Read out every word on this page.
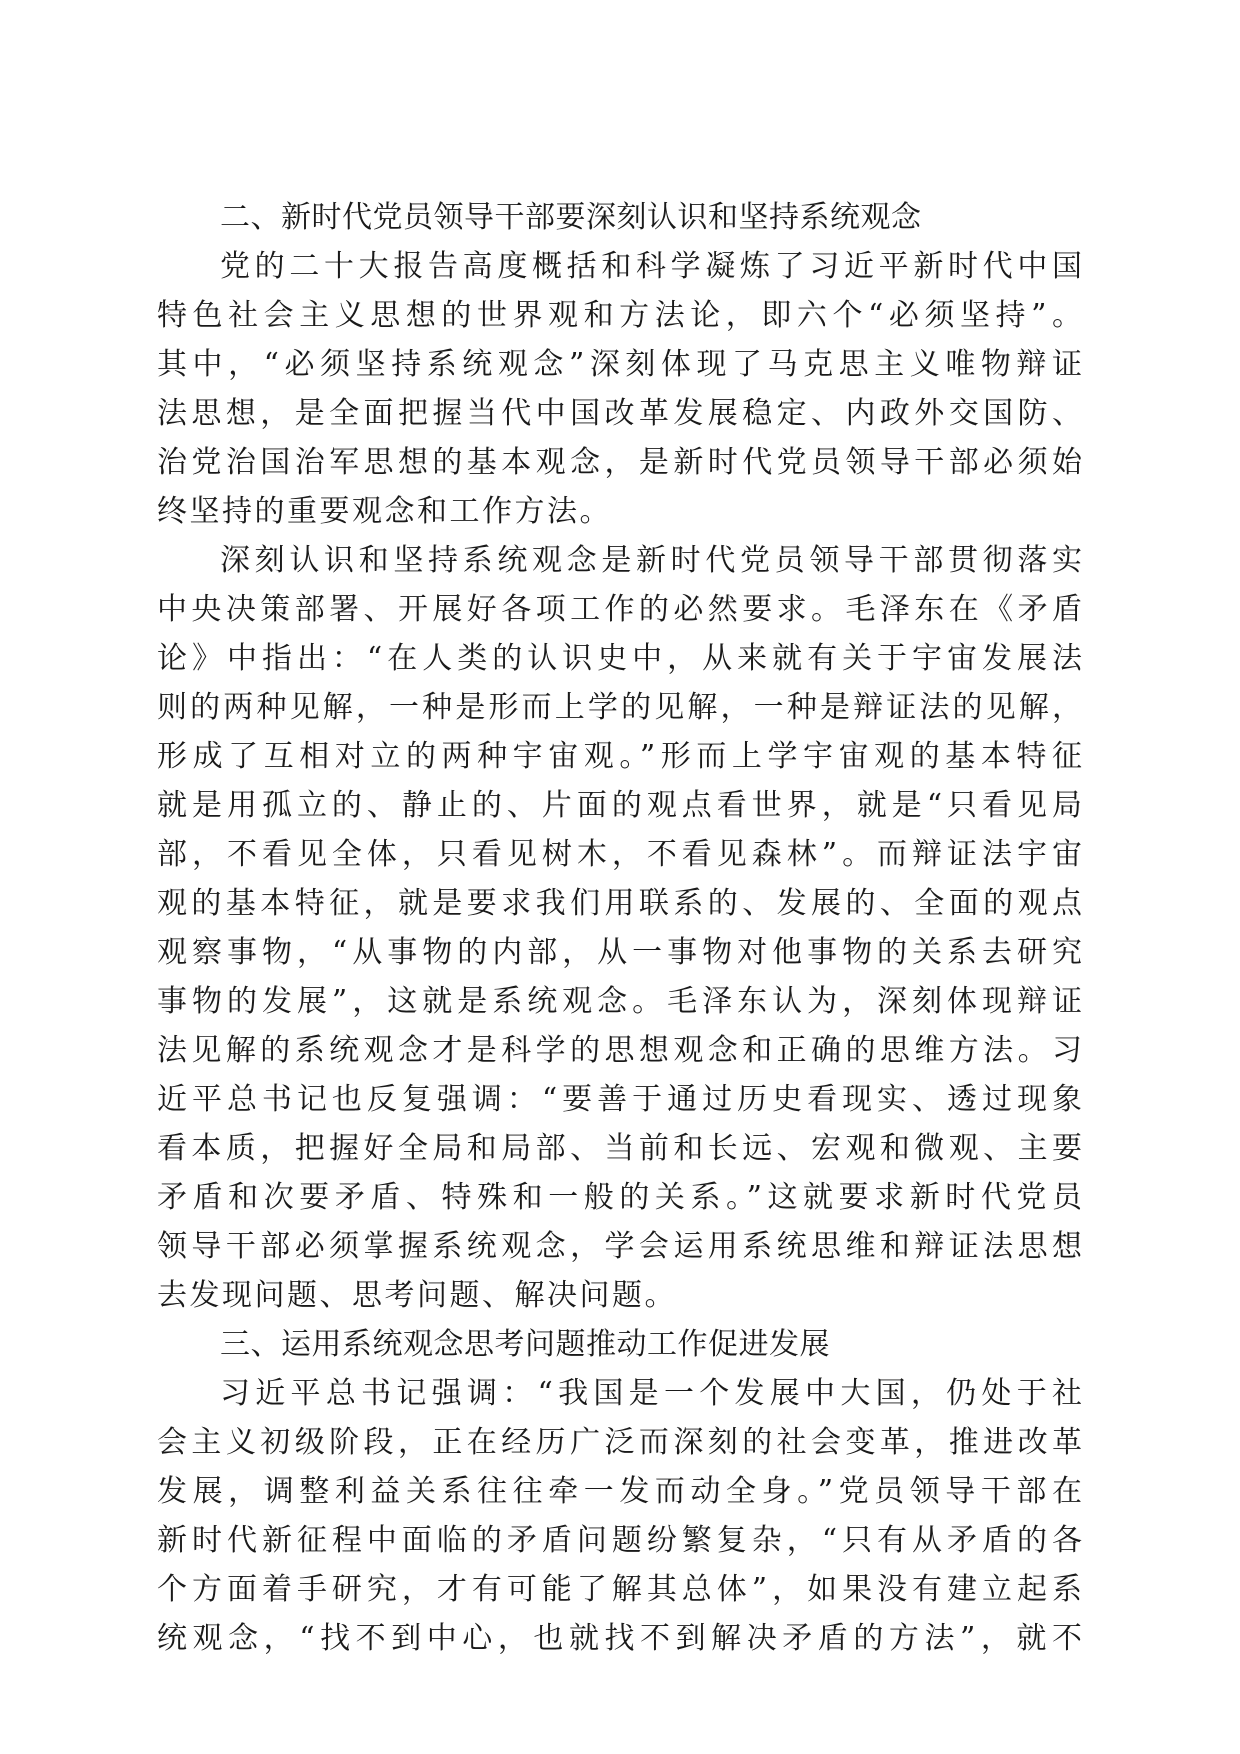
二、新时代党员领导干部要深刻认识和坚持系统观念
党的二十大报告高度概括和科学凝炼了习近平新时代中国
特色社会主义思想的世界观和方法论，即六个“必须坚持”。
其中，“必须坚持系统观念”深刻体现了马克思主义唯物辩证
法思想，是全面把握当代中国改革发展稳定、内政外交国防、
治党治国治军思想的基本观念，是新时代党员领导干部必须始
终坚持的重要观念和工作方法。
深刻认识和坚持系统观念是新时代党员领导干部贯彻落实
中央决策部署、开展好各项工作的必然要求。毛泽东在《矛盾
论》中指出：“在人类的认识史中，从来就有关于宇宙发展法
则的两种见解，一种是形而上学的见解，一种是辩证法的见解，
形成了互相对立的两种宇宙观。”形而上学宇宙观的基本特征
就是用孤立的、静止的、片面的观点看世界，就是“只看见局
部，不看见全体，只看见树木，不看见森林”。而辩证法宇宙
观的基本特征，就是要求我们用联系的、发展的、全面的观点
观察事物，“从事物的内部，从一事物对他事物的关系去研究
事物的发展”，这就是系统观念。毛泽东认为，深刻体现辩证
法见解的系统观念才是科学的思想观念和正确的思维方法。习
近平总书记也反复强调：“要善于通过历史看现实、透过现象
看本质，把握好全局和局部、当前和长远、宏观和微观、主要
矛盾和次要矛盾、特殊和一般的关系。”这就要求新时代党员
领导干部必须掌握系统观念，学会运用系统思维和辩证法思想
去发现问题、思考问题、解决问题。
三、运用系统观念思考问题推动工作促进发展
习近平总书记强调：“我国是一个发展中大国，仍处于社
会主义初级阶段，正在经历广泛而深刻的社会变革，推进改革
发展，调整利益关系往往牵一发而动全身。”党员领导干部在
新时代新征程中面临的矛盾问题纷繁复杂，“只有从矛盾的各
个方面着手研究，才有可能了解其总体”，如果没有建立起系
统观念，“找不到中心，也就找不到解决矛盾的方法”，就不
